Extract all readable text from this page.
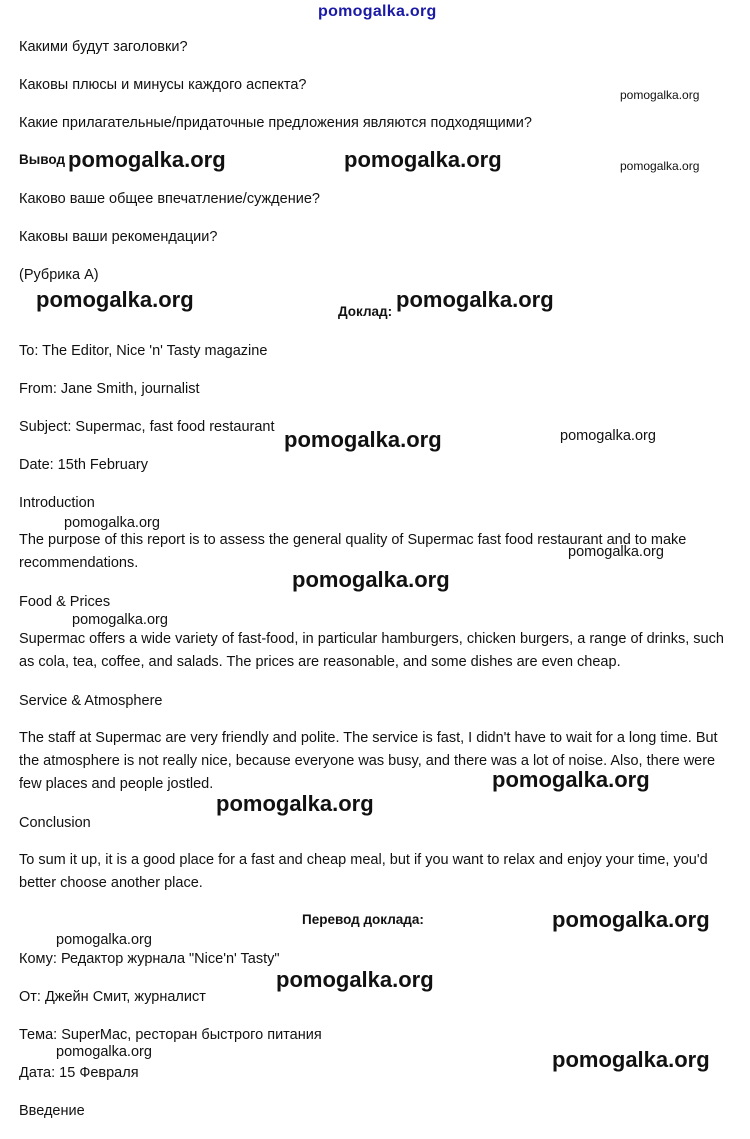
pomogalka.org
Какими будут заголовки?
Каковы плюсы и минусы каждого аспекта?
Какие прилагательные/придаточные предложения являются подходящими?
Вывод
Каково ваше общее впечатление/суждение?
Каковы ваши рекомендации?
(Рубрика А)
Доклад:
To: The Editor, Nice 'n' Tasty magazine
From: Jane Smith, journalist
Subject: Supermac, fast food restaurant
Date: 15th February
Introduction
The purpose of this report is to assess the general quality of Supermac fast food restaurant and to make recommendations.
Food & Prices
Supermac offers a wide variety of fast-food, in particular hamburgers, chicken burgers, a range of drinks, such as cola, tea, coffee, and salads. The prices are reasonable, and some dishes are even cheap.
Service & Atmosphere
The staff at Supermac are very friendly and polite. The service is fast, I didn't have to wait for a long time. But the atmosphere is not really nice, because everyone was busy, and there was a lot of noise. Also, there were few places and people jostled.
Conclusion
To sum it up, it is a good place for a fast and cheap meal, but if you want to relax and enjoy your time, you'd better choose another place.
Перевод доклада:
Кому: Редактор журнала "Nice'n' Tasty"
От: Джейн Смит, журналист
Тема: SuperMac, ресторан быстрого питания
Дата: 15 Февраля
Введение
pomogalka.org
pomogalka.org	pomogalka.org	pomogalka.org
pomogalka.org	pomogalka.org
pomogalka.org	pomogalka.org
pomogalka.org
pomogalka.org
pomogalka.org
pomogalka.org
pomogalka.org
pomogalka.org
pomogalka.org
pomogalka.org
pomogalka.org
pomogalka.org	pomogalka.org
